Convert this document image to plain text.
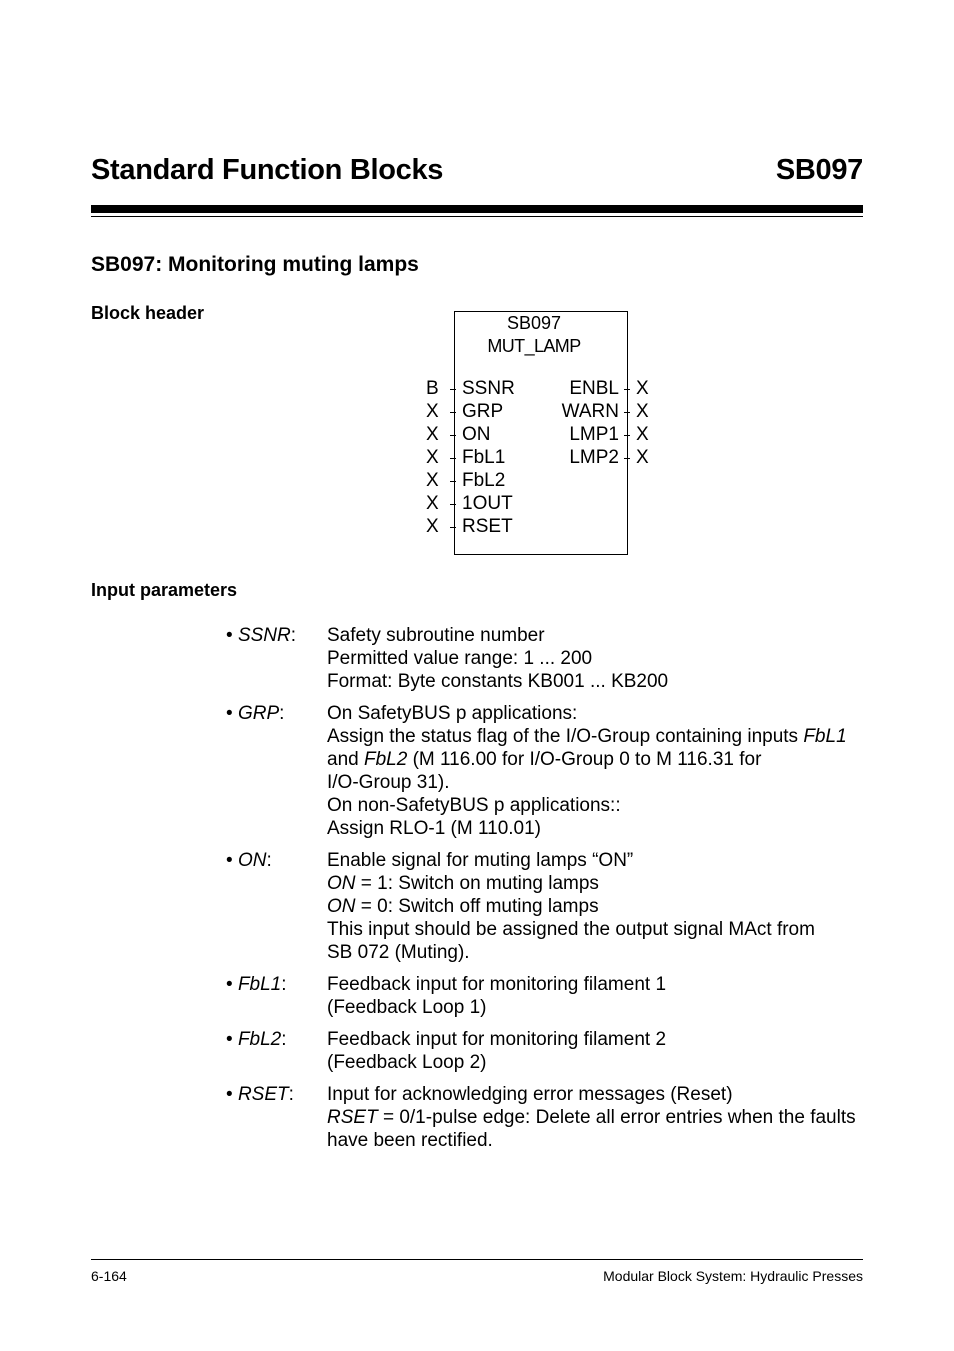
Standard Function Blocks	SB097
SB097: Monitoring muting lamps
Block header	SB097
MUT_LAMP
B SSNR
X GRP
X ON
X FbL1
X FbL2
X 1OUT
X RSET
ENBL X
WARN X
LMP1 X
LMP2 X
Input parameters
• SSNR:	Safety subroutine number
Permitted value range: 1 ... 200
Format: Byte constants KB001 ... KB200
• GRP:	On SafetyBUS p applications:
Assign the status flag of the I/O-Group containing inputs FbL1
and FbL2 (M 116.00 for I/O-Group 0 to M 116.31 for
I/O-Group 31).
On non-SafetyBUS p applications::
Assign RLO-1 (M 110.01)
• ON:	Enable signal for muting lamps “ON”
ON = 1: Switch on muting lamps
ON = 0: Switch off muting lamps
This input should be assigned the output signal MAct from
SB 072 (Muting).
• FbL1:	Feedback input for monitoring filament 1
(Feedback Loop 1)
• FbL2:	Feedback input for monitoring filament 2
(Feedback Loop 2)
• RSET:	Input for acknowledging error messages (Reset)
RSET = 0/1-pulse edge: Delete all error entries when the faults
have been rectified.
6-164	Modular Block System: Hydraulic Presses
